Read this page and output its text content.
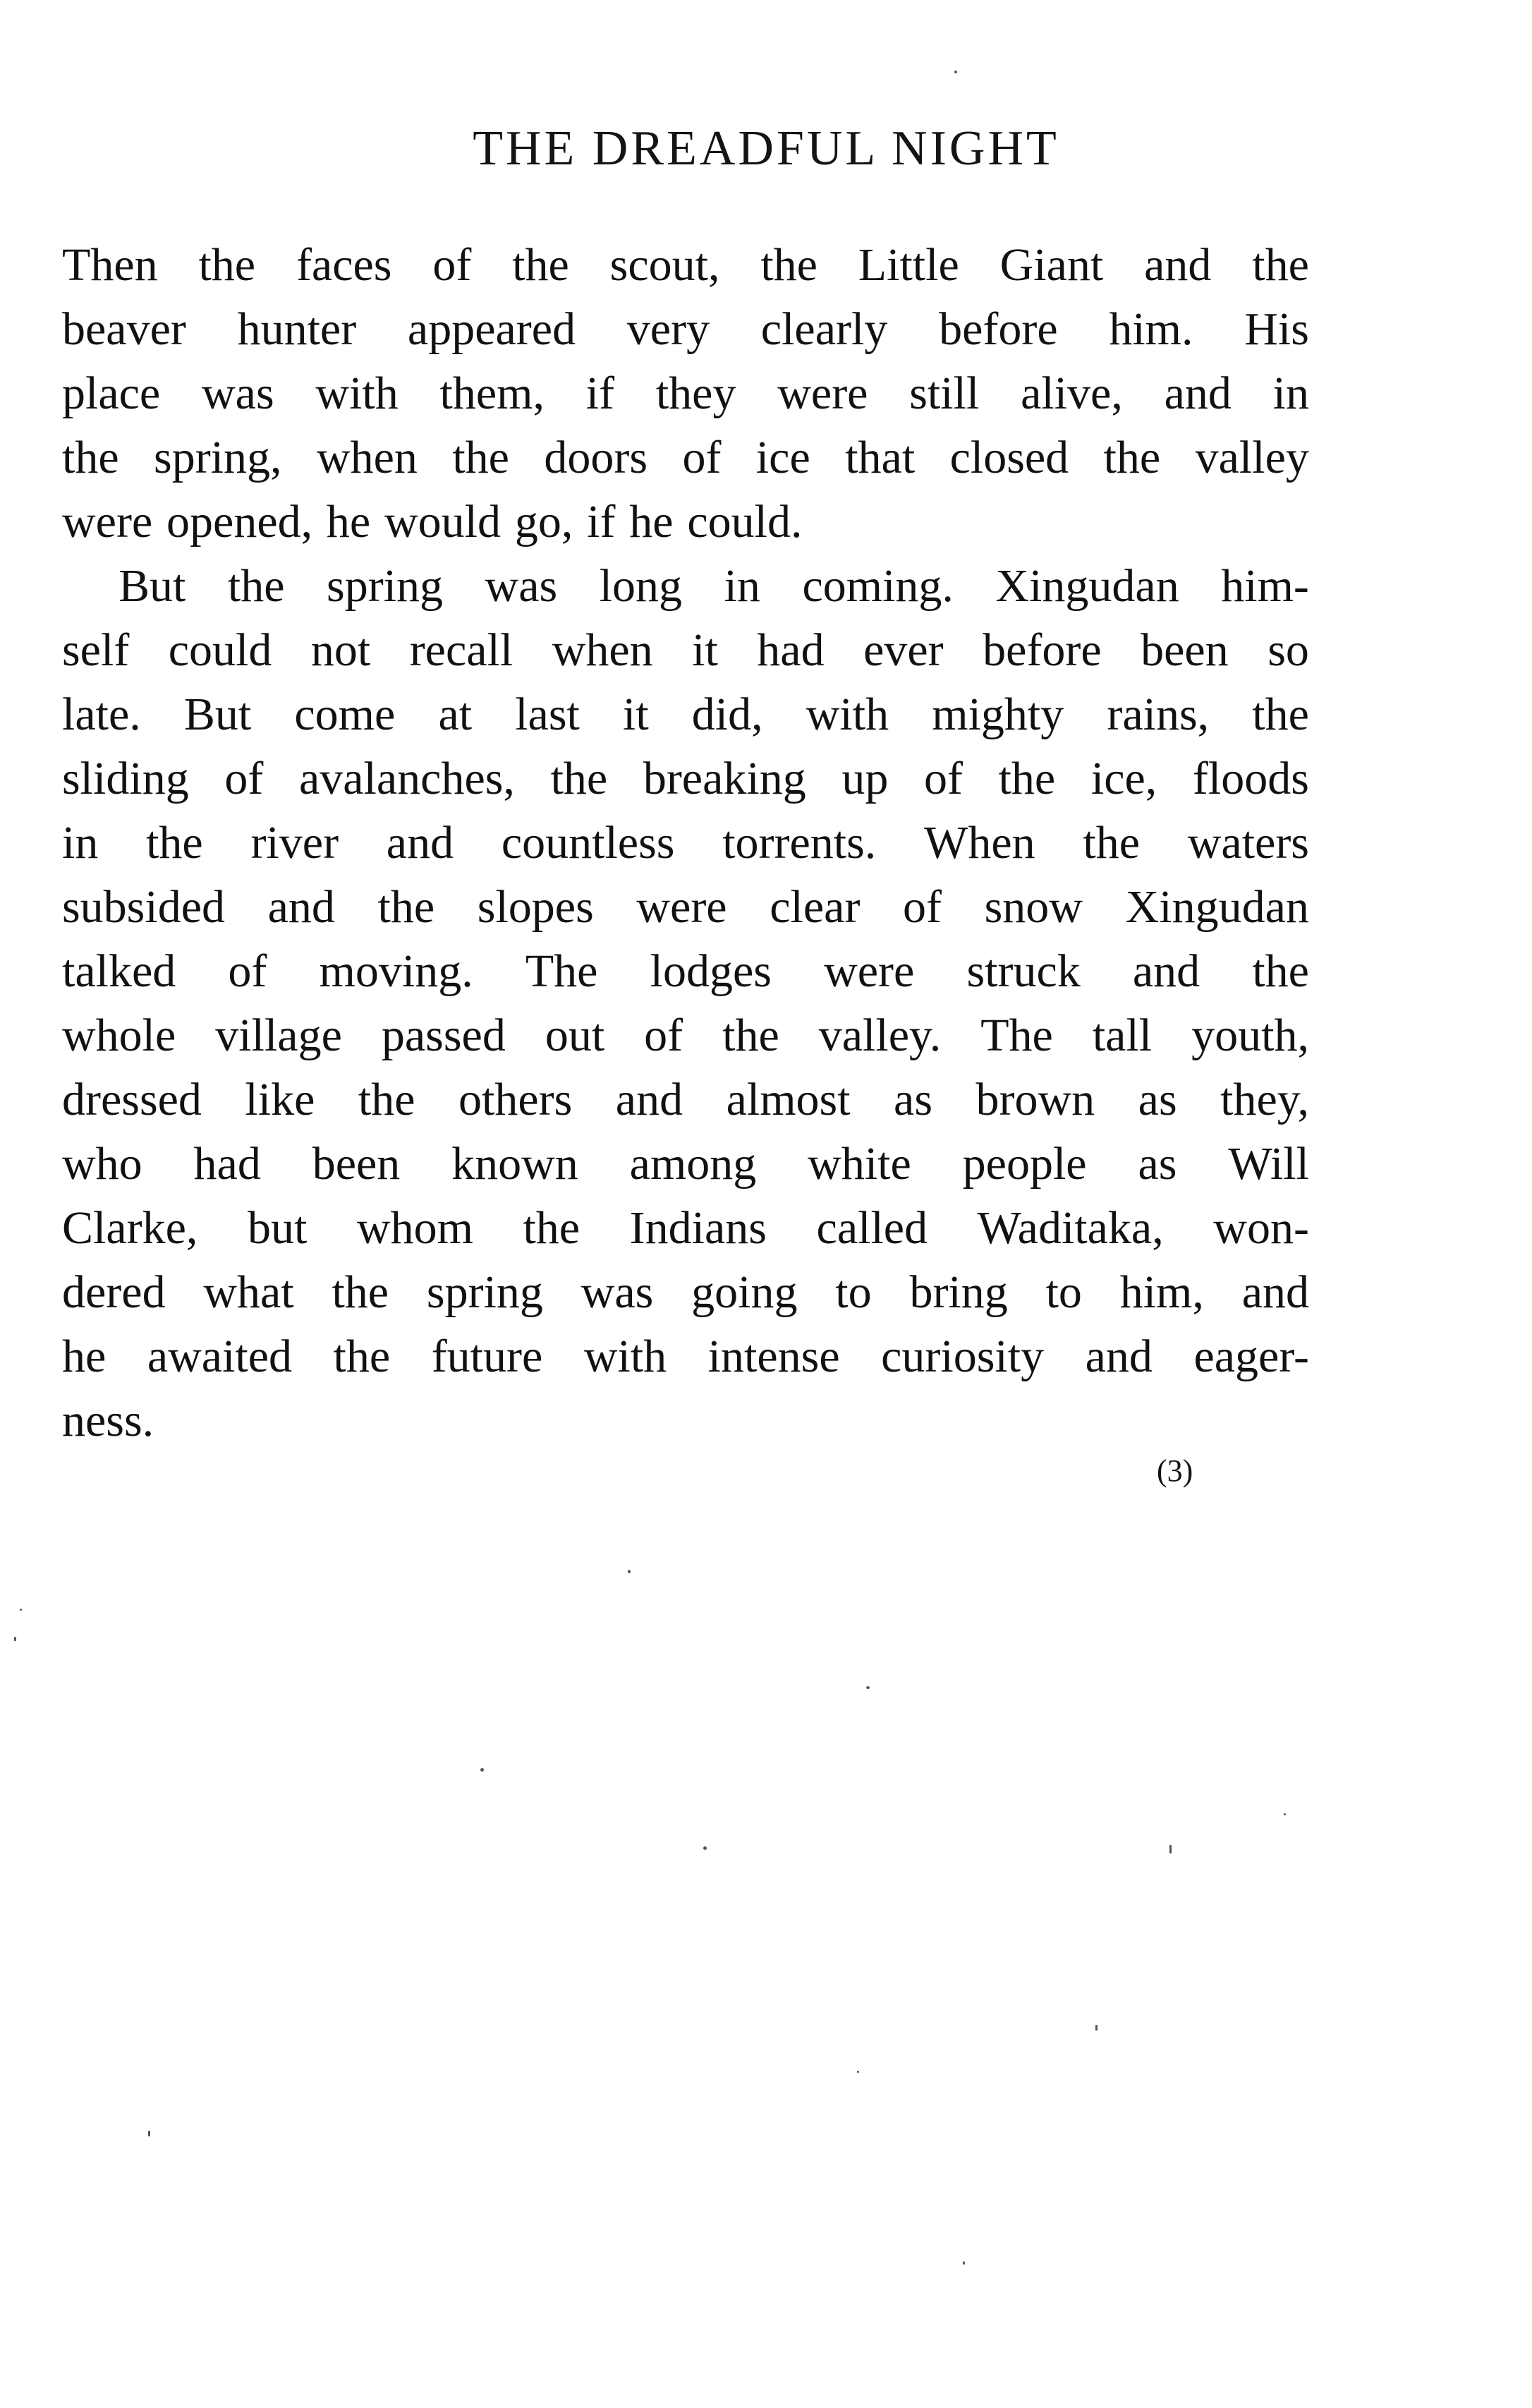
THE DREADFUL NIGHT
Then the faces of the scout, the Little Giant and the
beaver hunter appeared very clearly before him. His
place was with them, if they were still alive, and in
the spring, when the doors of ice that closed the valley
were opened, he would go, if he could.
But the spring was long in coming. Xingudan him-
self could not recall when it had ever before been so
late. But come at last it did, with mighty rains, the
sliding of avalanches, the breaking up of the ice, floods
in the river and countless torrents. When the waters
subsided and the slopes were clear of snow Xingudan
talked of moving. The lodges were struck and the
whole village passed out of the valley. The tall youth,
dressed like the others and almost as brown as they,
who had been known among white people as Will
Clarke, but whom the Indians called Waditaka, won-
dered what the spring was going to bring to him, and
he awaited the future with intense curiosity and eager-
ness.
(3)
